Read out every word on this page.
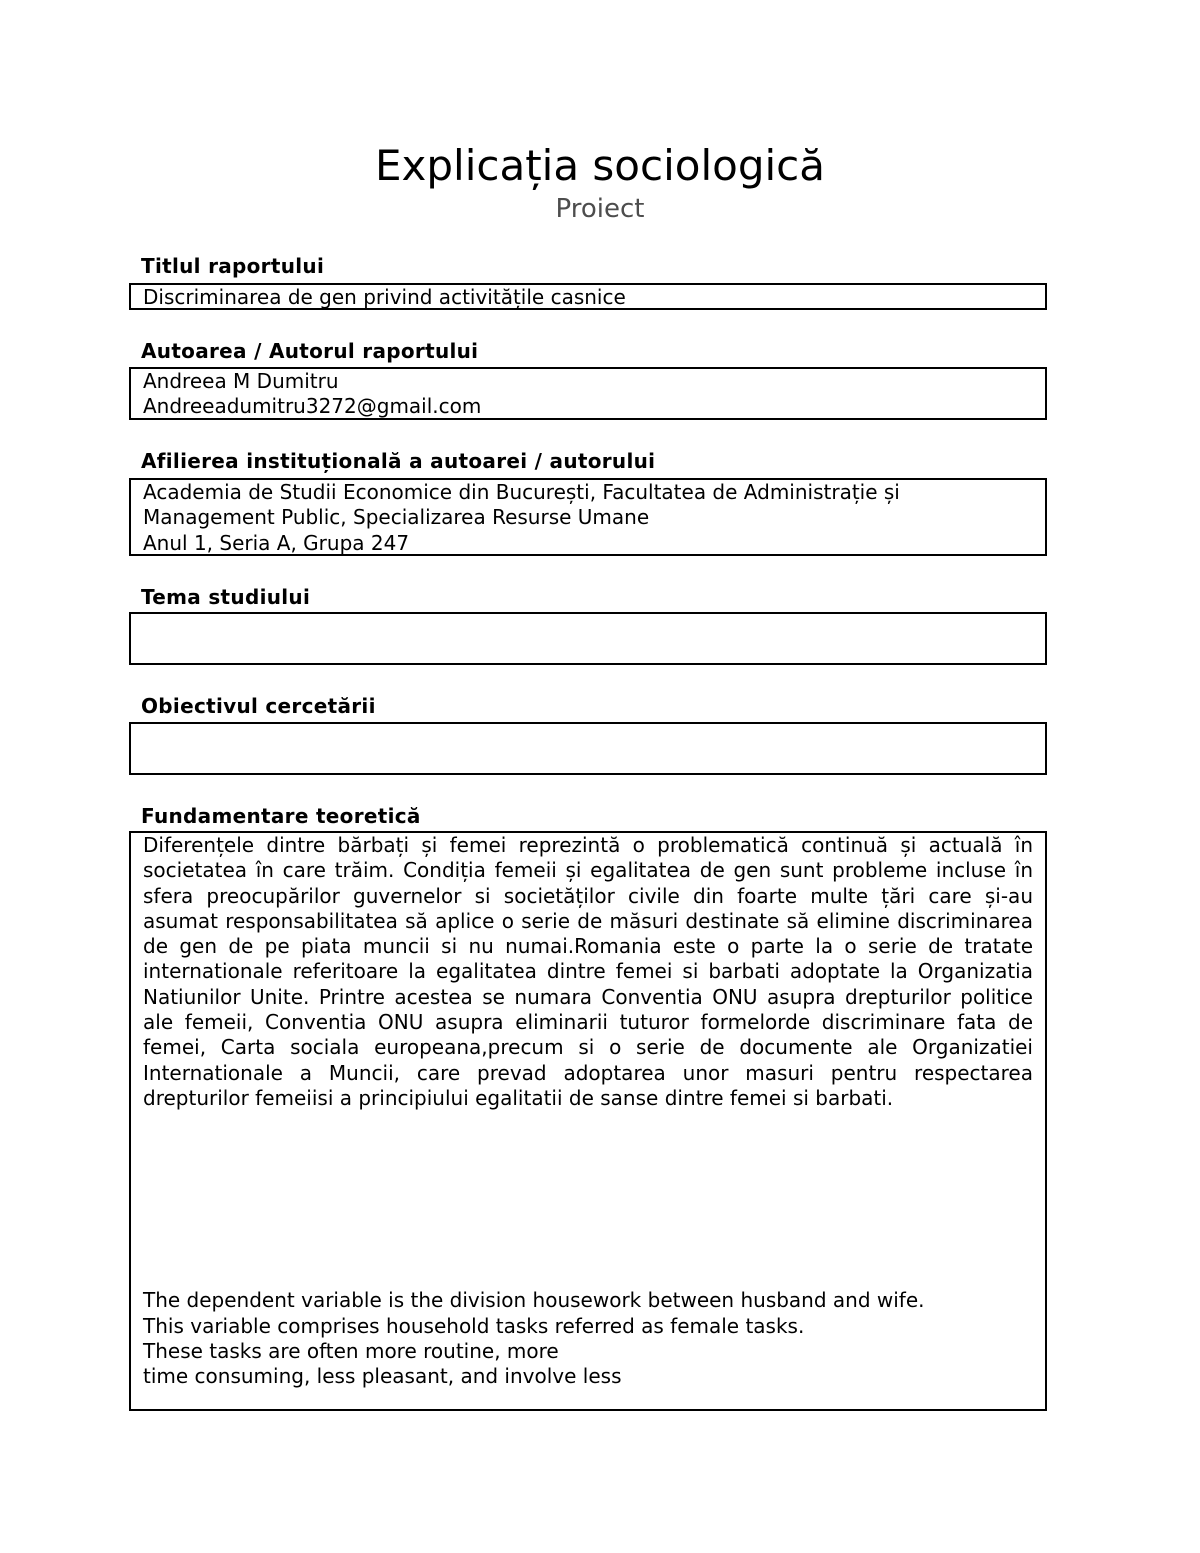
Explicația sociologică
Proiect
Titlul raportului
Discriminarea de gen privind activitățile casnice
Autoarea / Autorul raportului
Andreea M Dumitru
Andreeadumitru3272@gmail.com
Afilierea instituțională a autoarei / autorului
Academia de Studii Economice din București, Facultatea de Administrație și
Management Public, Specializarea Resurse Umane
Anul 1, Seria A, Grupa 247
Tema studiului
Obiectivul cercetării
Fundamentare teoretică
Diferențele dintre bărbați și femei reprezintă o problematică continuă și actuală în societatea în care trăim. Condiția femeii și egalitatea de gen sunt probleme incluse în sfera preocupărilor guvernelor si societăților civile din foarte multe țări care și-au asumat responsabilitatea să aplice o serie de măsuri destinate să elimine discriminarea de gen de pe piata muncii si nu numai.Romania este o parte la o serie de tratate internationale referitoare la egalitatea dintre femei si barbati adoptate la Organizatia Natiunilor Unite. Printre acestea se numara Conventia ONU asupra drepturilor politice ale femeii, Conventia ONU asupra eliminarii tuturor formelorde discriminare fata de femei, Carta sociala europeana,precum si o serie de documente ale Organizatiei Internationale a Muncii, care prevad adoptarea unor masuri pentru respectarea drepturilor femeiisi a principiului egalitatii de sanse dintre femei si barbati.
The dependent variable is the division housework between husband and wife.
This variable comprises household tasks referred as female tasks.
These tasks are often more routine, more
time consuming, less pleasant, and involve less
